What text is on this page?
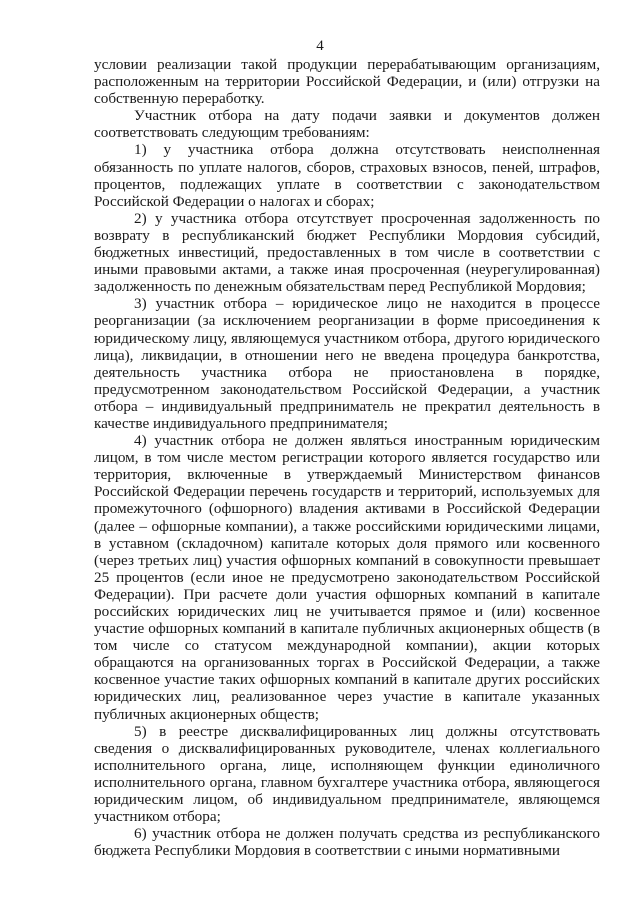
4

условии реализации такой продукции перерабатывающим организациям, расположенным на территории Российской Федерации, и (или) отгрузки на собственную переработку.

Участник отбора на дату подачи заявки и документов должен соответствовать следующим требованиям:

1) у участника отбора должна отсутствовать неисполненная обязанность по уплате налогов, сборов, страховых взносов, пеней, штрафов, процентов, подлежащих уплате в соответствии с законодательством Российской Федерации о налогах и сборах;

2) у участника отбора отсутствует просроченная задолженность по возврату в республиканский бюджет Республики Мордовия субсидий, бюджетных инвестиций, предоставленных в том числе в соответствии с иными правовыми актами, а также иная просроченная (неурегулированная) задолженность по денежным обязательствам перед Республикой Мордовия;

3) участник отбора – юридическое лицо не находится в процессе реорганизации (за исключением реорганизации в форме присоединения к юридическому лицу, являющемуся участником отбора, другого юридического лица), ликвидации, в отношении него не введена процедура банкротства, деятельность участника отбора не приостановлена в порядке, предусмотренном законодательством Российской Федерации, а участник отбора – индивидуальный предприниматель не прекратил деятельность в качестве индивидуального предпринимателя;

4) участник отбора не должен являться иностранным юридическим лицом, в том числе местом регистрации которого является государство или территория, включенные в утверждаемый Министерством финансов Российской Федерации перечень государств и территорий, используемых для промежуточного (офшорного) владения активами в Российской Федерации (далее – офшорные компании), а также российскими юридическими лицами, в уставном (складочном) капитале которых доля прямого или косвенного (через третьих лиц) участия офшорных компаний в совокупности превышает 25 процентов (если иное не предусмотрено законодательством Российской Федерации). При расчете доли участия офшорных компаний в капитале российских юридических лиц не учитывается прямое и (или) косвенное участие офшорных компаний в капитале публичных акционерных обществ (в том числе со статусом международной компании), акции которых обращаются на организованных торгах в Российской Федерации, а также косвенное участие таких офшорных компаний в капитале других российских юридических лиц, реализованное через участие в капитале указанных публичных акционерных обществ;

5) в реестре дисквалифицированных лиц должны отсутствовать сведения о дисквалифицированных руководителе, членах коллегиального исполнительного органа, лице, исполняющем функции единоличного исполнительного органа, главном бухгалтере участника отбора, являющегося юридическим лицом, об индивидуальном предпринимателе, являющемся участником отбора;

6) участник отбора не должен получать средства из республиканского бюджета Республики Мордовия в соответствии с иными нормативными
